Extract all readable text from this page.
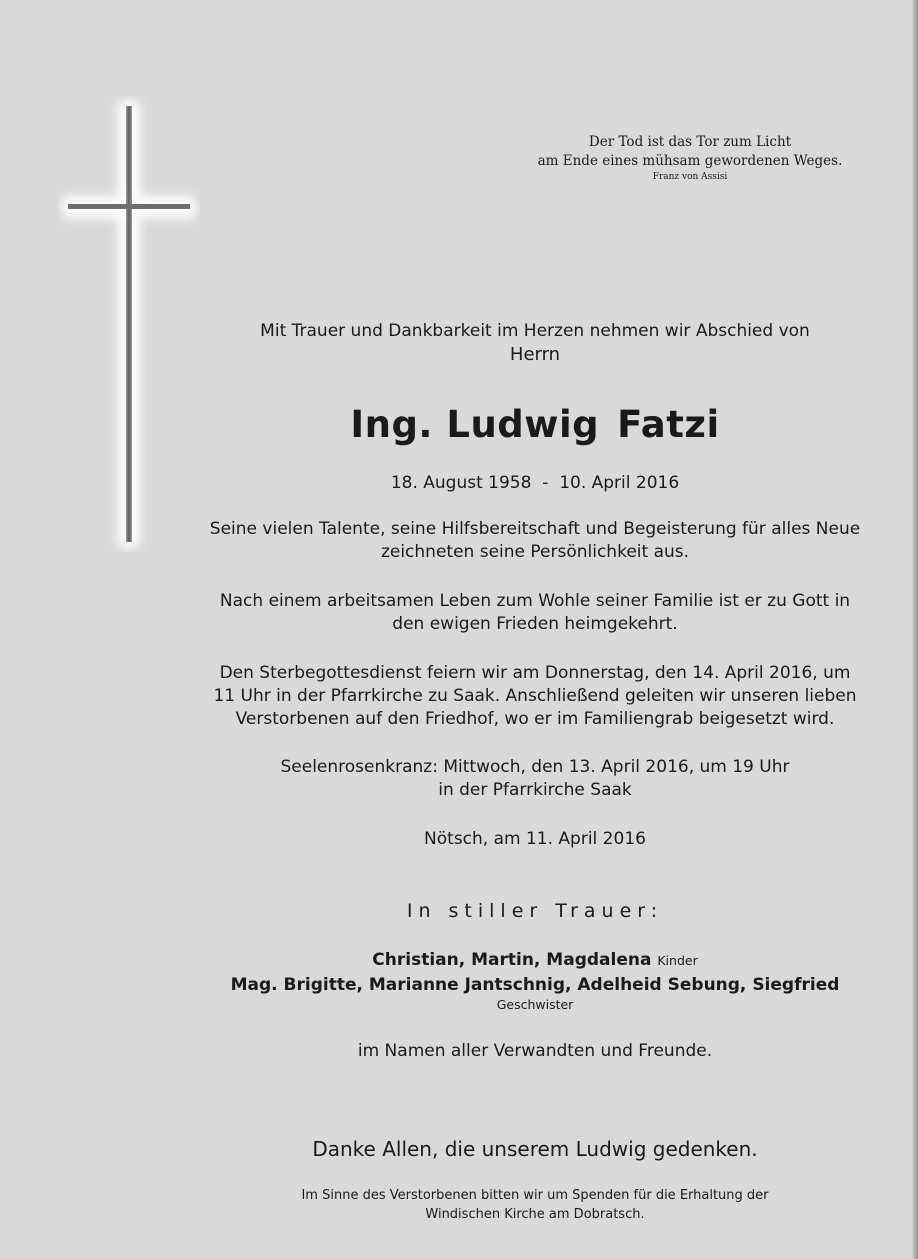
Der Tod ist das Tor zum Licht
am Ende eines mühsam gewordenen Weges.
Franz von Assisi
Mit Trauer und Dankbarkeit im Herzen nehmen wir Abschied von
Herrn
Ing. Ludwig Fatzi
18. August 1958  -  10. April 2016
Seine vielen Talente, seine Hilfsbereitschaft und Begeisterung für alles Neue
zeichneten seine Persönlichkeit aus.
Nach einem arbeitsamen Leben zum Wohle seiner Familie ist er zu Gott in
den ewigen Frieden heimgekehrt.
Den Sterbegottesdienst feiern wir am Donnerstag, den 14. April 2016, um
11 Uhr in der Pfarrkirche zu Saak. Anschließend geleiten wir unseren lieben
Verstorbenen auf den Friedhof, wo er im Familiengrab beigesetzt wird.
Seelenrosenkranz: Mittwoch, den 13. April 2016, um 19 Uhr
in der Pfarrkirche Saak
Nötsch, am 11. April 2016
In stiller Trauer:
Christian, Martin, Magdalena Kinder
Mag. Brigitte, Marianne Jantschnig, Adelheid Sebung, Siegfried
Geschwister
im Namen aller Verwandten und Freunde.
Danke Allen, die unserem Ludwig gedenken.
Im Sinne des Verstorbenen bitten wir um Spenden für die Erhaltung der
Windischen Kirche am Dobratsch.
